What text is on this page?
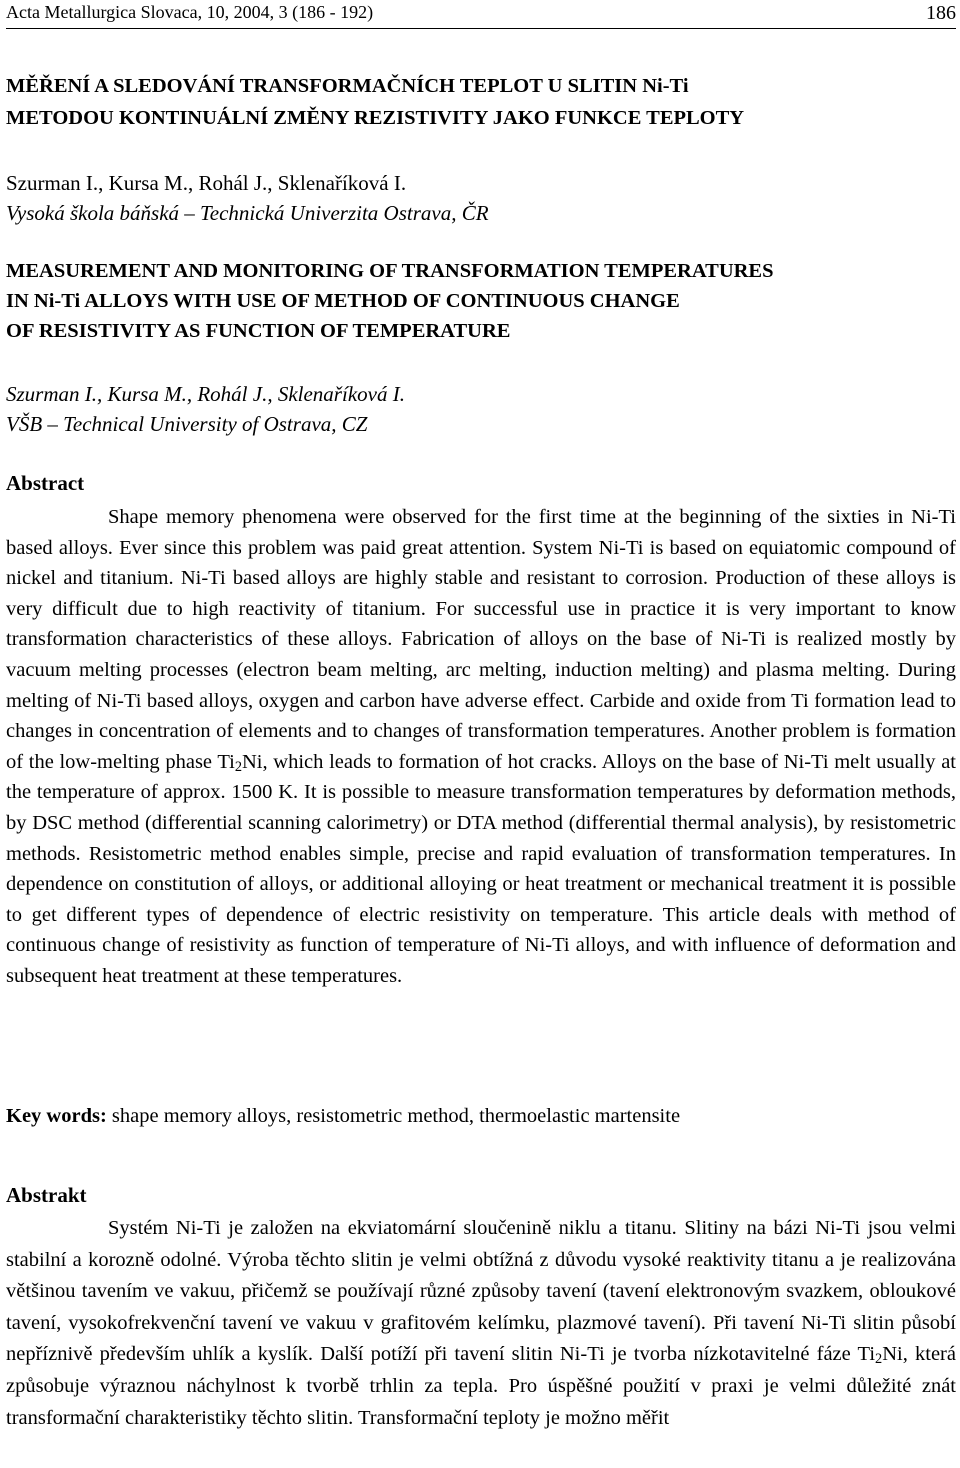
Acta Metallurgica Slovaca, 10, 2004, 3 (186 - 192)	186
MĚŘENÍ A SLEDOVÁNÍ TRANSFORMAČNÍCH TEPLOT U SLITIN Ni-Ti
METODOU KONTINUÁLNÍ ZMĚNY REZISTIVITY JAKO FUNKCE TEPLOTY
Szurman I., Kursa M., Rohál J., Sklenaříková I.
Vysoká škola báňská – Technická Univerzita Ostrava, ČR
MEASUREMENT AND MONITORING OF TRANSFORMATION TEMPERATURES
IN Ni-Ti ALLOYS WITH USE OF METHOD OF CONTINUOUS CHANGE
OF RESISTIVITY AS FUNCTION OF TEMPERATURE
Szurman I., Kursa M., Rohál J., Sklenaříková I.
VŠB – Technical University of Ostrava, CZ
Abstract
Shape memory phenomena were observed for the first time at the beginning of the sixties in Ni-Ti based alloys. Ever since this problem was paid great attention. System Ni-Ti is based on equiatomic compound of nickel and titanium. Ni-Ti based alloys are highly stable and resistant to corrosion. Production of these alloys is very difficult due to high reactivity of titanium. For successful use in practice it is very important to know transformation characteristics of these alloys. Fabrication of alloys on the base of Ni-Ti is realized mostly by vacuum melting processes (electron beam melting, arc melting, induction melting) and plasma melting. During melting of Ni-Ti based alloys, oxygen and carbon have adverse effect. Carbide and oxide from Ti formation lead to changes in concentration of elements and to changes of transformation temperatures. Another problem is formation of the low-melting phase $Ti_2Ni$, which leads to formation of hot cracks. Alloys on the base of Ni-Ti melt usually at the temperature of approx. 1500 K. It is possible to measure transformation temperatures by deformation methods, by DSC method (differential scanning calorimetry) or DTA method (differential thermal analysis), by resistometric methods. Resistometric method enables simple, precise and rapid evaluation of transformation temperatures. In dependence on constitution of alloys, or additional alloying or heat treatment or mechanical treatment it is possible to get different types of dependence of electric resistivity on temperature. This article deals with method of continuous change of resistivity as function of temperature of Ni-Ti alloys, and with influence of deformation and subsequent heat treatment at these temperatures.
Key words: shape memory alloys, resistometric method, thermoelastic martensite
Abstrakt
Systém Ni-Ti je založen na ekviatomární sloučenině niklu a titanu. Slitiny na bázi Ni-Ti jsou velmi stabilní a korozně odolné. Výroba těchto slitin je velmi obtížná z důvodu vysoké reaktivity titanu a je realizována většinou tavením ve vakuu, přičemž se používají různé způsoby tavení (tavení elektronovým svazkem, obloukové tavení, vysokofrekvenční tavení ve vakuu v grafitovém kelímku, plazmové tavení). Při tavení Ni-Ti slitin působí nepříznivě především uhlík a kyslík. Další potíží při tavení slitin Ni-Ti je tvorba nízkotavitelné fáze $Ti_2Ni$, která způsobuje výraznou náchylnost k tvorbě trhlin za tepla. Pro úspěšné použití v praxi je velmi důležité znát transformační charakteristiky těchto slitin. Transformační teploty je možno měřit
